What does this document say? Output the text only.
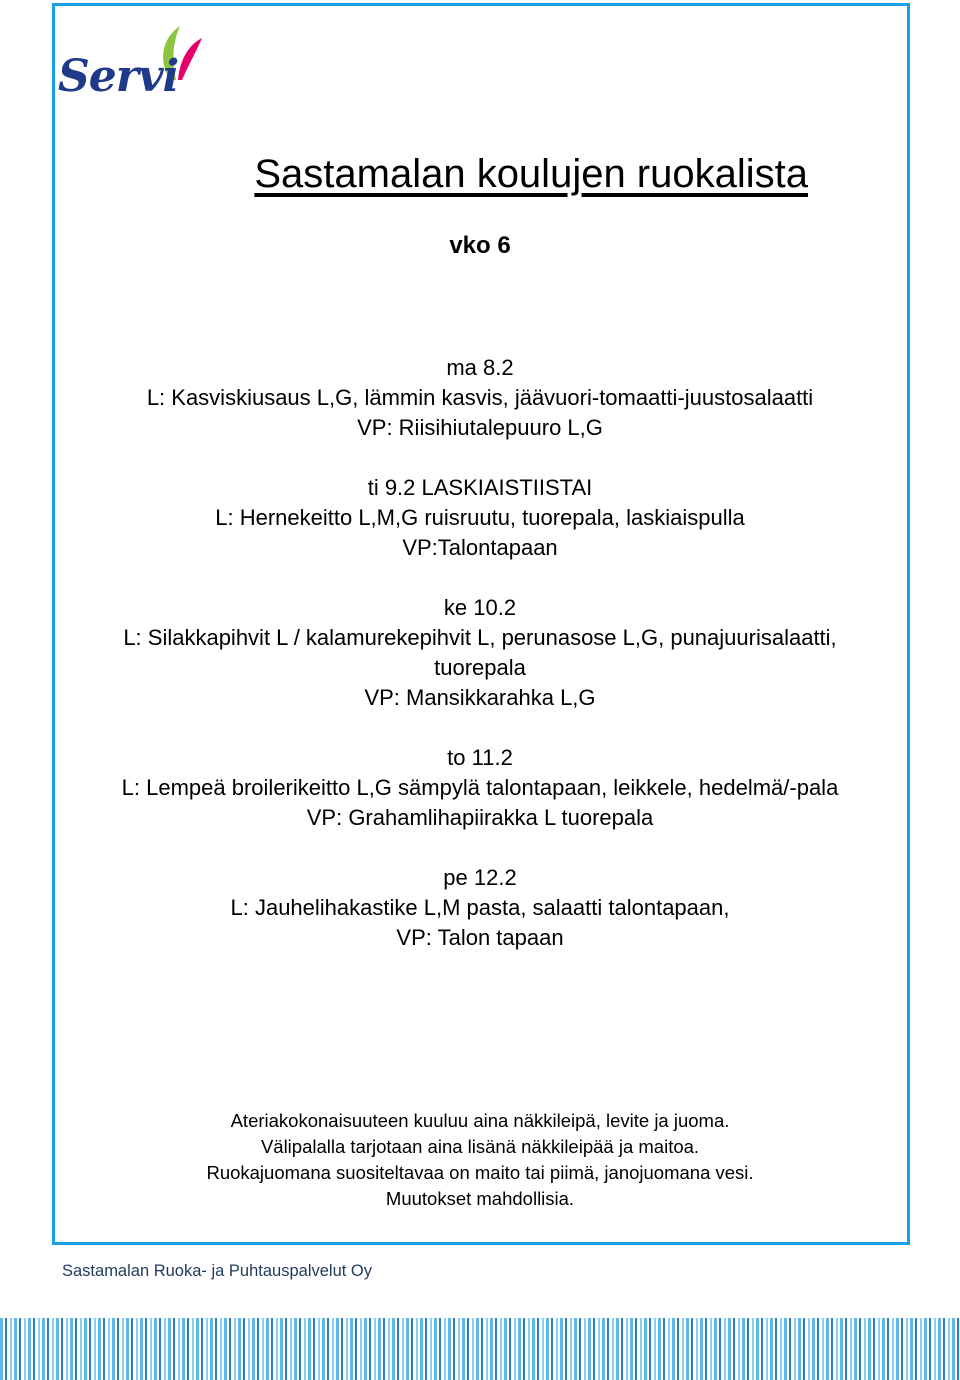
Servi
Sastamalan koulujen ruokalista
vko 6
ma 8.2
L: Kasviskiusaus L,G, lämmin kasvis, jäävuori-tomaatti-juustosalaatti
VP: Riisihiutalepuuro L,G
ti 9.2 LASKIAISTIISTAI
L: Hernekeitto L,M,G ruisruutu, tuorepala, laskiaispulla
VP:Talontapaan
ke 10.2
L: Silakkapihvit L / kalamurekepihvit L, perunasose L,G, punajuurisalaatti,
tuorepala
VP: Mansikkarahka L,G
to 11.2
L: Lempeä broilerikeitto L,G sämpylä talontapaan, leikkele, hedelmä/-pala
VP: Grahamlihapiirakka L tuorepala
pe 12.2
L: Jauhelihakastike L,M pasta, salaatti talontapaan,
VP: Talon tapaan
Ateriakokonaisuuteen kuuluu aina näkkileipä, levite ja juoma.
Välipalalla tarjotaan aina lisänä näkkileipää ja maitoa.
Ruokajuomana suositeltavaa on maito tai piimä, janojuomana vesi.
Muutokset mahdollisia.
Sastamalan Ruoka- ja Puhtauspalvelut Oy
